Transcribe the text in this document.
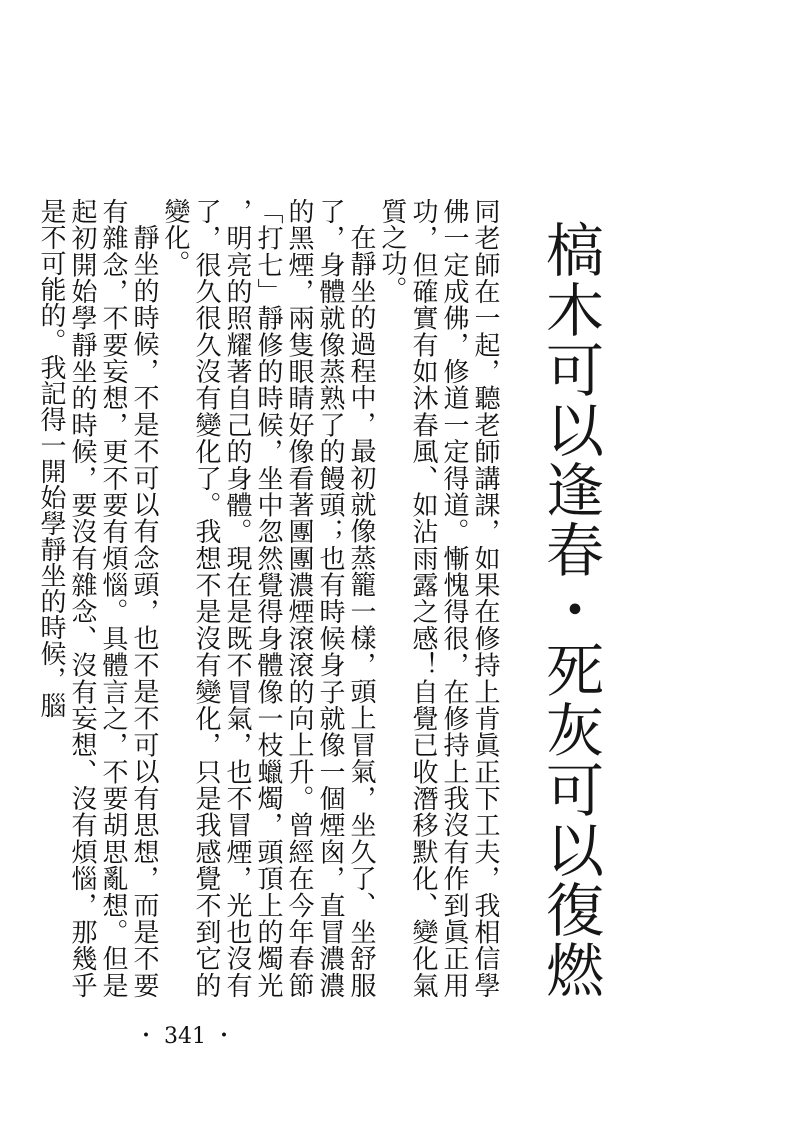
槁木可以逢春・死灰可以復燃

同老師在一起，聽老師講課，如果在修持上肯眞正下工夫，我相信學佛一定成佛，修道一定得道。慚愧得很，在修持上我沒有作到眞正用功，但確實有如沐春風、如沾雨露之感！自覺已收潛移默化、變化氣質之功。

在靜坐的過程中，最初就像蒸籠一樣，頭上冒氣，坐久了、坐舒服了，身體就像蒸熟了的饅頭；也有時候身子就像一個煙囪，直冒濃濃的黑煙，兩隻眼睛好像看著團團濃煙滾滾的向上升。曾經在今年春節「打七」靜修的時候，坐中忽然覺得身體像一枝蠟燭，頭頂上的燭光，明亮的照耀著自己的身體。現在是既不冒氣，也不冒煙，光也沒有了，很久很久沒有變化了。我想不是沒有變化，只是我感覺不到它的變化。

靜坐的時候，不是不可以有念頭，也不是不可以有思想，而是不要有雜念，不要妄想，更不要有煩惱。具體言之，不要胡思亂想。但是起初開始學靜坐的時候，要沒有雜念、沒有妄想、沒有煩惱，那幾乎是不可能的。我記得一開始學靜坐的時候，腦

・ 341 ・
